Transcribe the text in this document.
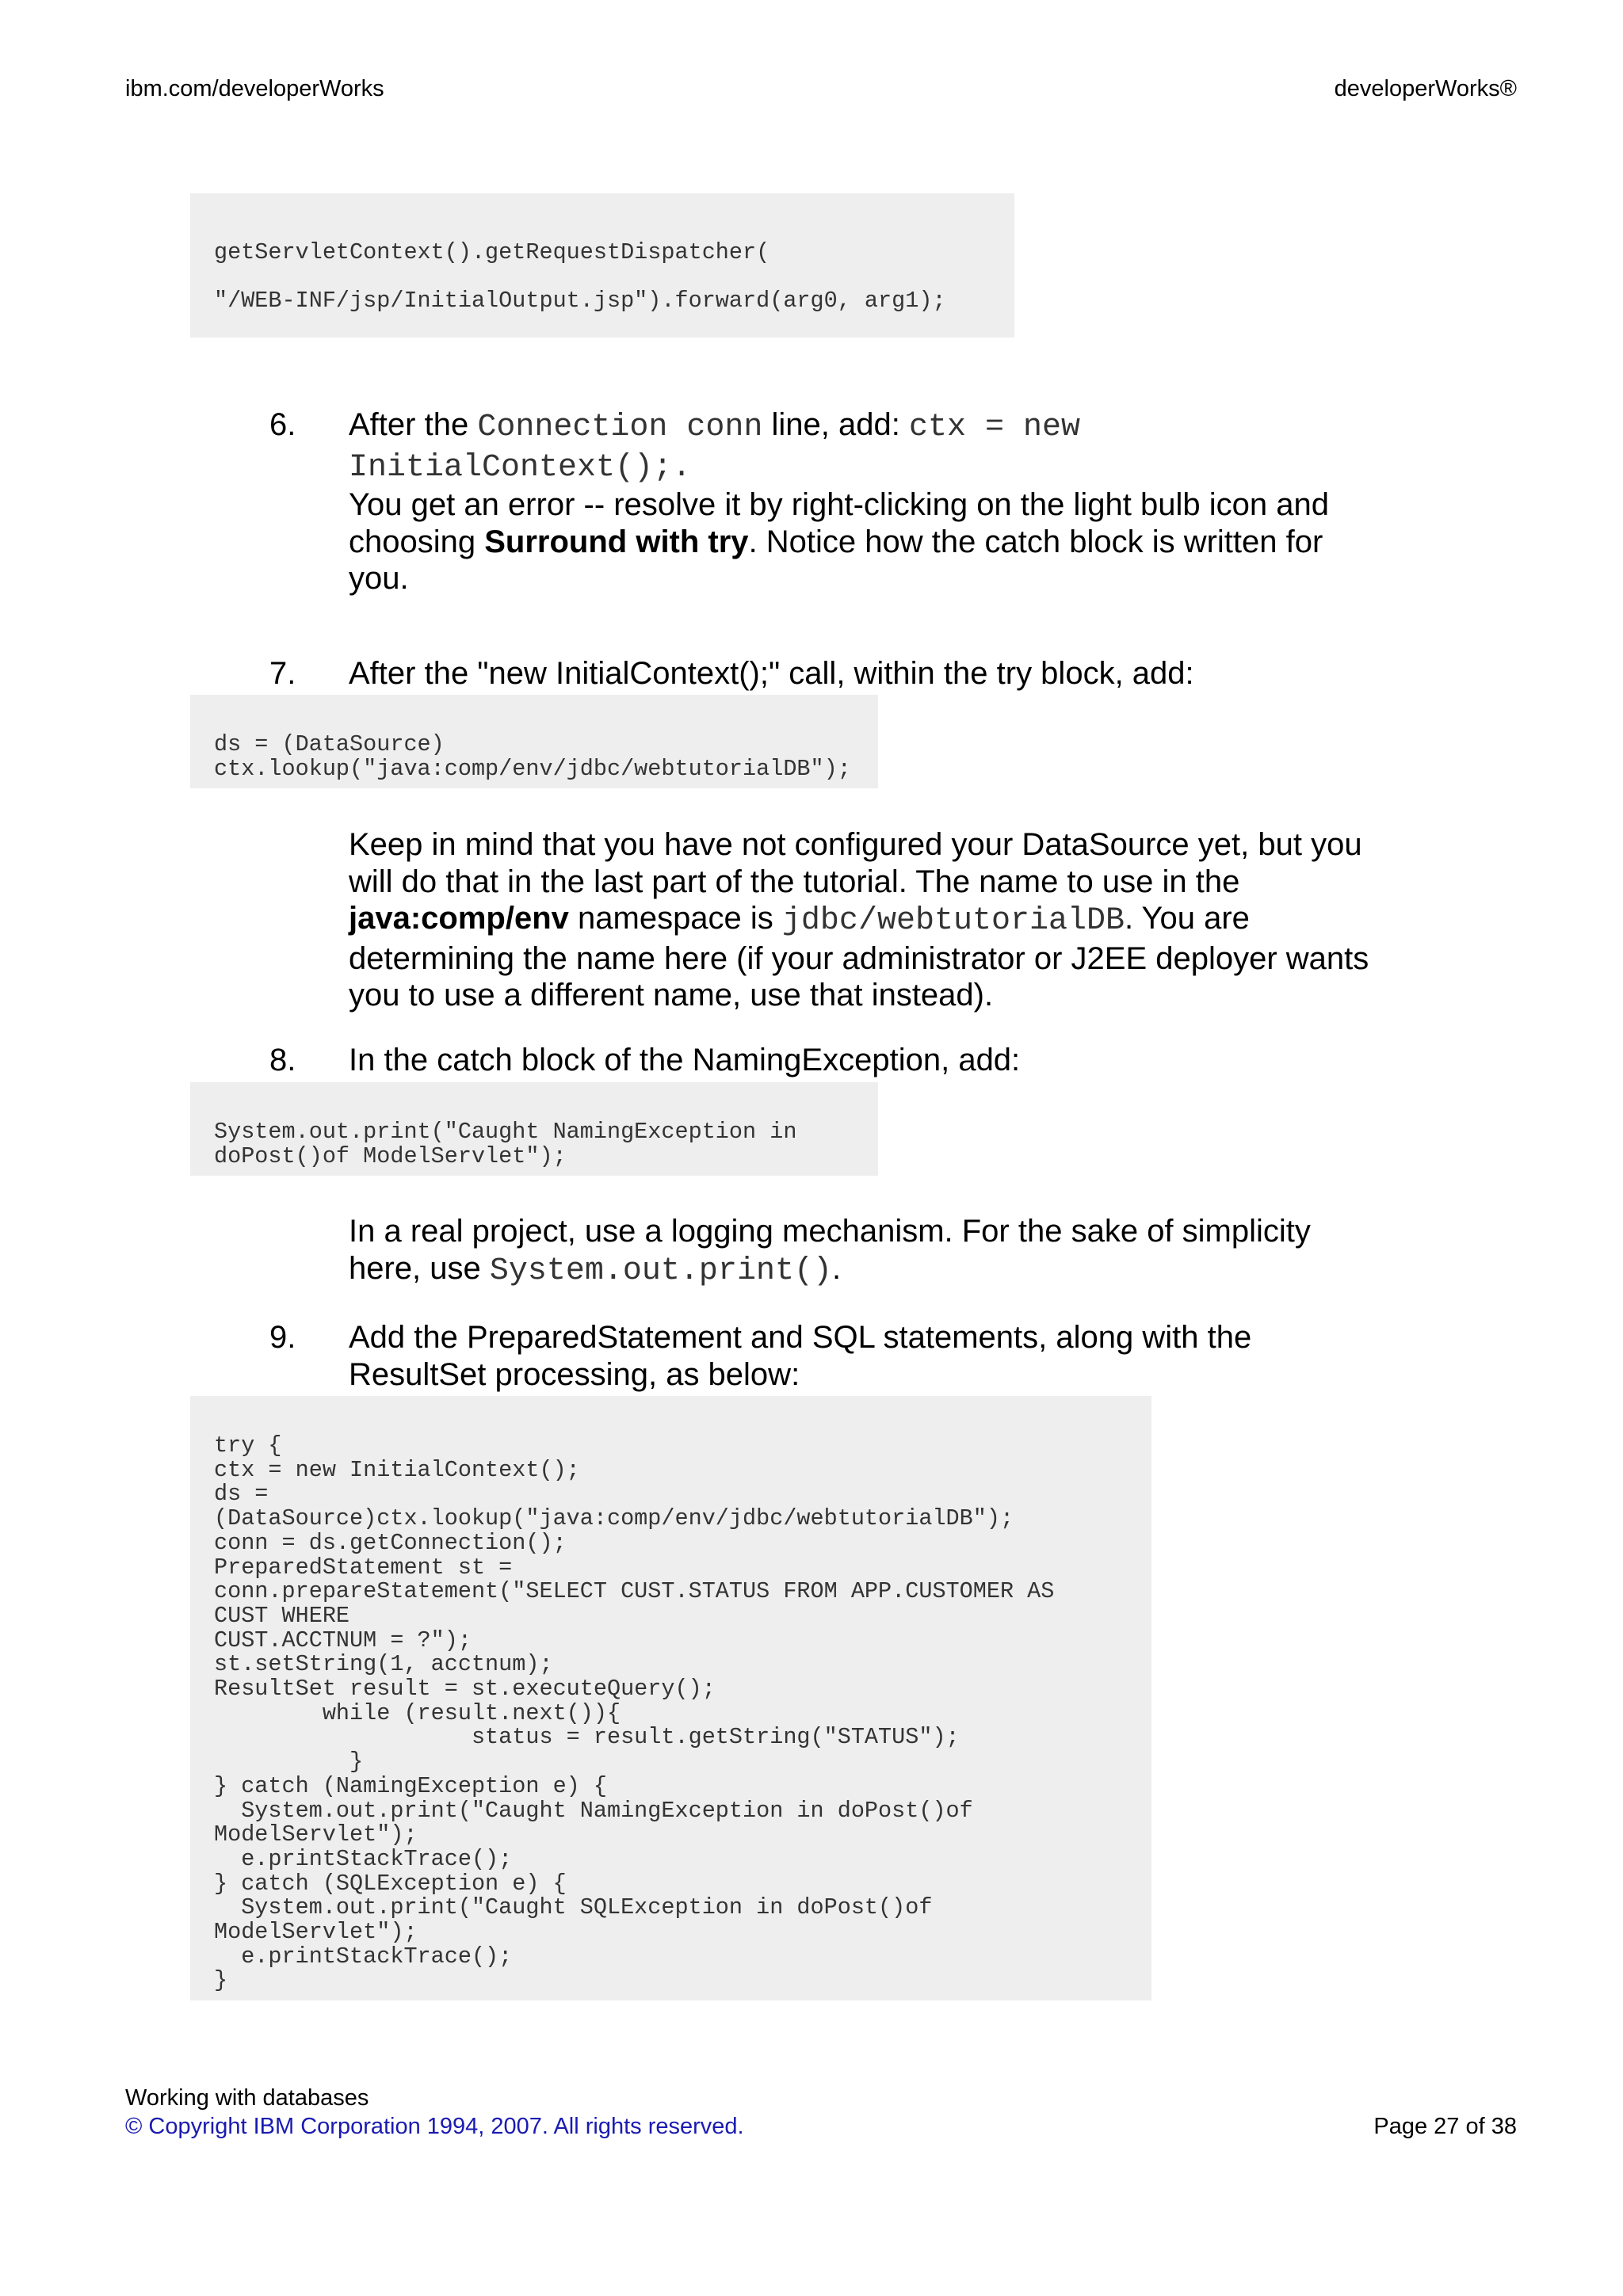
ibm.com/developerWorks	developerWorks®
getServletContext().getRequestDispatcher(
"/WEB-INF/jsp/InitialOutput.jsp").forward(arg0, arg1);
6. After the Connection conn line, add: ctx = new
InitialContext();.
You get an error -- resolve it by right-clicking on the light bulb icon and
choosing Surround with try. Notice how the catch block is written for
you.
7. After the "new InitialContext();" call, within the try block, add:
ds = (DataSource)
ctx.lookup("java:comp/env/jdbc/webtutorialDB");
Keep in mind that you have not configured your DataSource yet, but you
will do that in the last part of the tutorial. The name to use in the
java:comp/env namespace is jdbc/webtutorialDB. You are
determining the name here (if your administrator or J2EE deployer wants
you to use a different name, use that instead).
8. In the catch block of the NamingException, add:
System.out.print("Caught NamingException in
doPost()of ModelServlet");
In a real project, use a logging mechanism. For the sake of simplicity
here, use System.out.print().
9. Add the PreparedStatement and SQL statements, along with the
ResultSet processing, as below:
try {
ctx = new InitialContext();
ds =
(DataSource)ctx.lookup("java:comp/env/jdbc/webtutorialDB");
conn = ds.getConnection();
PreparedStatement st =
conn.prepareStatement("SELECT CUST.STATUS FROM APP.CUSTOMER AS
CUST WHERE
CUST.ACCTNUM = ?");
st.setString(1, acctnum);
ResultSet result = st.executeQuery();
while (result.next()){
status = result.getString("STATUS");
}
} catch (NamingException e) {
System.out.print("Caught NamingException in doPost()of
ModelServlet");
e.printStackTrace();
} catch (SQLException e) {
System.out.print("Caught SQLException in doPost()of
ModelServlet");
e.printStackTrace();
}
Working with databases
© Copyright IBM Corporation 1994, 2007. All rights reserved.	Page 27 of 38
